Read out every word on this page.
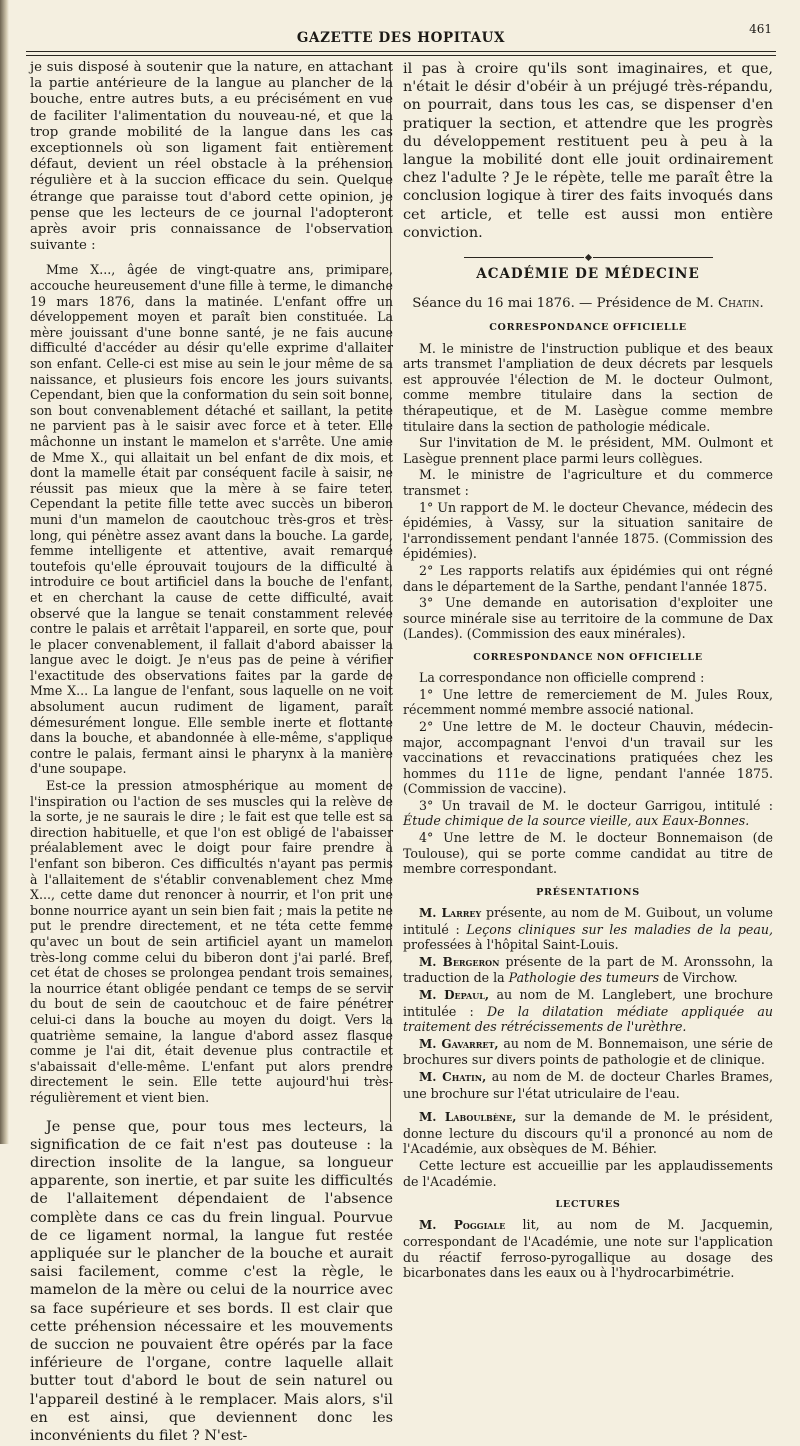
GAZETTE DES HOPITAUX
461

je suis disposé à soutenir que la nature, en attachant la partie antérieure de la langue au plancher de la bouche, entre autres buts, a eu précisément en vue de faciliter l'alimentation du nouveau-né, et que la trop grande mobilité de la langue dans les cas exceptionnels où son ligament fait entièrement défaut, devient un réel obstacle à la préhension régulière et à la succion efficace du sein. Quelque étrange que paraisse tout d'abord cette opinion, je pense que les lecteurs de ce journal l'adopteront après avoir pris connaissance de l'observation suivante :

Mme X..., âgée de vingt-quatre ans, primipare, accouche heureusement d'une fille à terme, le dimanche 19 mars 1876, dans la matinée. L'enfant offre un développement moyen et paraît bien constituée. La mère jouissant d'une bonne santé, je ne fais aucune difficulté d'accéder au désir qu'elle exprime d'allaiter son enfant. Celle-ci est mise au sein le jour même de sa naissance, et plusieurs fois encore les jours suivants. Cependant, bien que la conformation du sein soit bonne, son bout convenablement détaché et saillant, la petite ne parvient pas à le saisir avec force et à teter. Elle mâchonne un instant le mamelon et s'arrête. Une amie de Mme X., qui allaitait un bel enfant de dix mois, et dont la mamelle était par conséquent facile à saisir, ne réussit pas mieux que la mère à se faire teter. Cependant la petite fille tette avec succès un biberon muni d'un mamelon de caoutchouc très-gros et très-long, qui pénètre assez avant dans la bouche. La garde, femme intelligente et attentive, avait remarqué toutefois qu'elle éprouvait toujours de la difficulté à introduire ce bout artificiel dans la bouche de l'enfant, et en cherchant la cause de cette difficulté, avait observé que la langue se tenait constamment relevée contre le palais et arrêtait l'appareil, en sorte que, pour le placer convenablement, il fallait d'abord abaisser la langue avec le doigt. Je n'eus pas de peine à vérifier l'exactitude des observations faites par la garde de Mme X... La langue de l'enfant, sous laquelle on ne voit absolument aucun rudiment de ligament, paraît démesurément longue. Elle semble inerte et flottante dans la bouche, et abandonnée à elle-même, s'applique contre le palais, fermant ainsi le pharynx à la manière d'une soupape.

Est-ce la pression atmosphérique au moment de l'inspiration ou l'action de ses muscles qui la relève de la sorte, je ne saurais le dire ; le fait est que telle est sa direction habituelle, et que l'on est obligé de l'abaisser préalablement avec le doigt pour faire prendre à l'enfant son biberon. Ces difficultés n'ayant pas permis à l'allaitement de s'établir convenablement chez Mme X..., cette dame dut renoncer à nourrir, et l'on prit une bonne nourrice ayant un sein bien fait ; mais la petite ne put le prendre directement, et ne téta cette femme qu'avec un bout de sein artificiel ayant un mamelon très-long comme celui du biberon dont j'ai parlé. Bref, cet état de choses se prolongea pendant trois semaines, la nourrice étant obligée pendant ce temps de se servir du bout de sein de caoutchouc et de faire pénétrer celui-ci dans la bouche au moyen du doigt. Vers la quatrième semaine, la langue d'abord assez flasque comme je l'ai dit, était devenue plus contractile et s'abaissait d'elle-même. L'enfant put alors prendre directement le sein. Elle tette aujourd'hui très-régulièrement et vient bien.

Je pense que, pour tous mes lecteurs, la signification de ce fait n'est pas douteuse : la direction insolite de la langue, sa longueur apparente, son inertie, et par suite les difficultés de l'allaitement dépendaient de l'absence complète dans ce cas du frein lingual. Pourvue de ce ligament normal, la langue fut restée appliquée sur le plancher de la bouche et aurait saisi facilement, comme c'est la règle, le mamelon de la mère ou celui de la nourrice avec sa face supérieure et ses bords. Il est clair que cette préhension nécessaire et les mouvements de succion ne pouvaient être opérés par la face inférieure de l'organe, contre laquelle allait butter tout d'abord le bout de sein naturel ou l'appareil destiné à le remplacer. Mais alors, s'il en est ainsi, que deviennent donc les inconvénients du filet ? N'est-

il pas à croire qu'ils sont imaginaires, et que, n'était le désir d'obéir à un préjugé très-répandu, on pourrait, dans tous les cas, se dispenser d'en pratiquer la section, et attendre que les progrès du développement restituent peu à peu à la langue la mobilité dont elle jouit ordinairement chez l'adulte ? Je le répète, telle me paraît être la conclusion logique à tirer des faits invoqués dans cet article, et telle est aussi mon entière conviction.

ACADÉMIE DE MÉDECINE
Séance du 16 mai 1876. — Présidence de M. Chatin.
CORRESPONDANCE OFFICIELLE

M. le ministre de l'instruction publique et des beaux arts transmet l'ampliation de deux décrets par lesquels est approuvée l'élection de M. le docteur Oulmont, comme membre titulaire dans la section de thérapeutique, et de M. Lasègue comme membre titulaire dans la section de pathologie médicale.

Sur l'invitation de M. le président, MM. Oulmont et Lasègue prennent place parmi leurs collègues.

M. le ministre de l'agriculture et du commerce transmet :

1° Un rapport de M. le docteur Chevance, médecin des épidémies, à Vassy, sur la situation sanitaire de l'arrondissement pendant l'année 1875. (Commission des épidémies).

2° Les rapports relatifs aux épidémies qui ont régné dans le département de la Sarthe, pendant l'année 1875.

3° Une demande en autorisation d'exploiter une source minérale sise au territoire de la commune de Dax (Landes). (Commission des eaux minérales).

CORRESPONDANCE NON OFFICIELLE

La correspondance non officielle comprend :

1° Une lettre de remerciement de M. Jules Roux, récemment nommé membre associé national.

2° Une lettre de M. le docteur Chauvin, médecin-major, accompagnant l'envoi d'un travail sur les vaccinations et revaccinations pratiquées chez les hommes du 111e de ligne, pendant l'année 1875. (Commission de vaccine).

3° Un travail de M. le docteur Garrigou, intitulé : Étude chimique de la source vieille, aux Eaux-Bonnes.

4° Une lettre de M. le docteur Bonnemaison (de Toulouse), qui se porte comme candidat au titre de membre correspondant.

PRÉSENTATIONS

M. Larrey présente, au nom de M. Guibout, un volume intitulé : Leçons cliniques sur les maladies de la peau, professées à l'hôpital Saint-Louis.

M. Bergeron présente de la part de M. Aronssohn, la traduction de la Pathologie des tumeurs de Virchow.

M. Depaul, au nom de M. Langlebert, une brochure intitulée : De la dilatation médiate appliquée au traitement des rétrécissements de l'urèthre.

M. Gavarret, au nom de M. Bonnemaison, une série de brochures sur divers points de pathologie et de clinique.

M. Chatin, au nom de M. de docteur Charles Brames, une brochure sur l'état utriculaire de l'eau.

M. Laboulbène, sur la demande de M. le président, donne lecture du discours qu'il a prononcé au nom de l'Académie, aux obsèques de M. Béhier.

Cette lecture est accueillie par les applaudissements de l'Académie.

LECTURES

M. Poggiale lit, au nom de M. Jacquemin, correspondant de l'Académie, une note sur l'application du réactif ferroso-pyrogallique au dosage des bicarbonates dans les eaux ou à l'hydrocarbimétrie.
